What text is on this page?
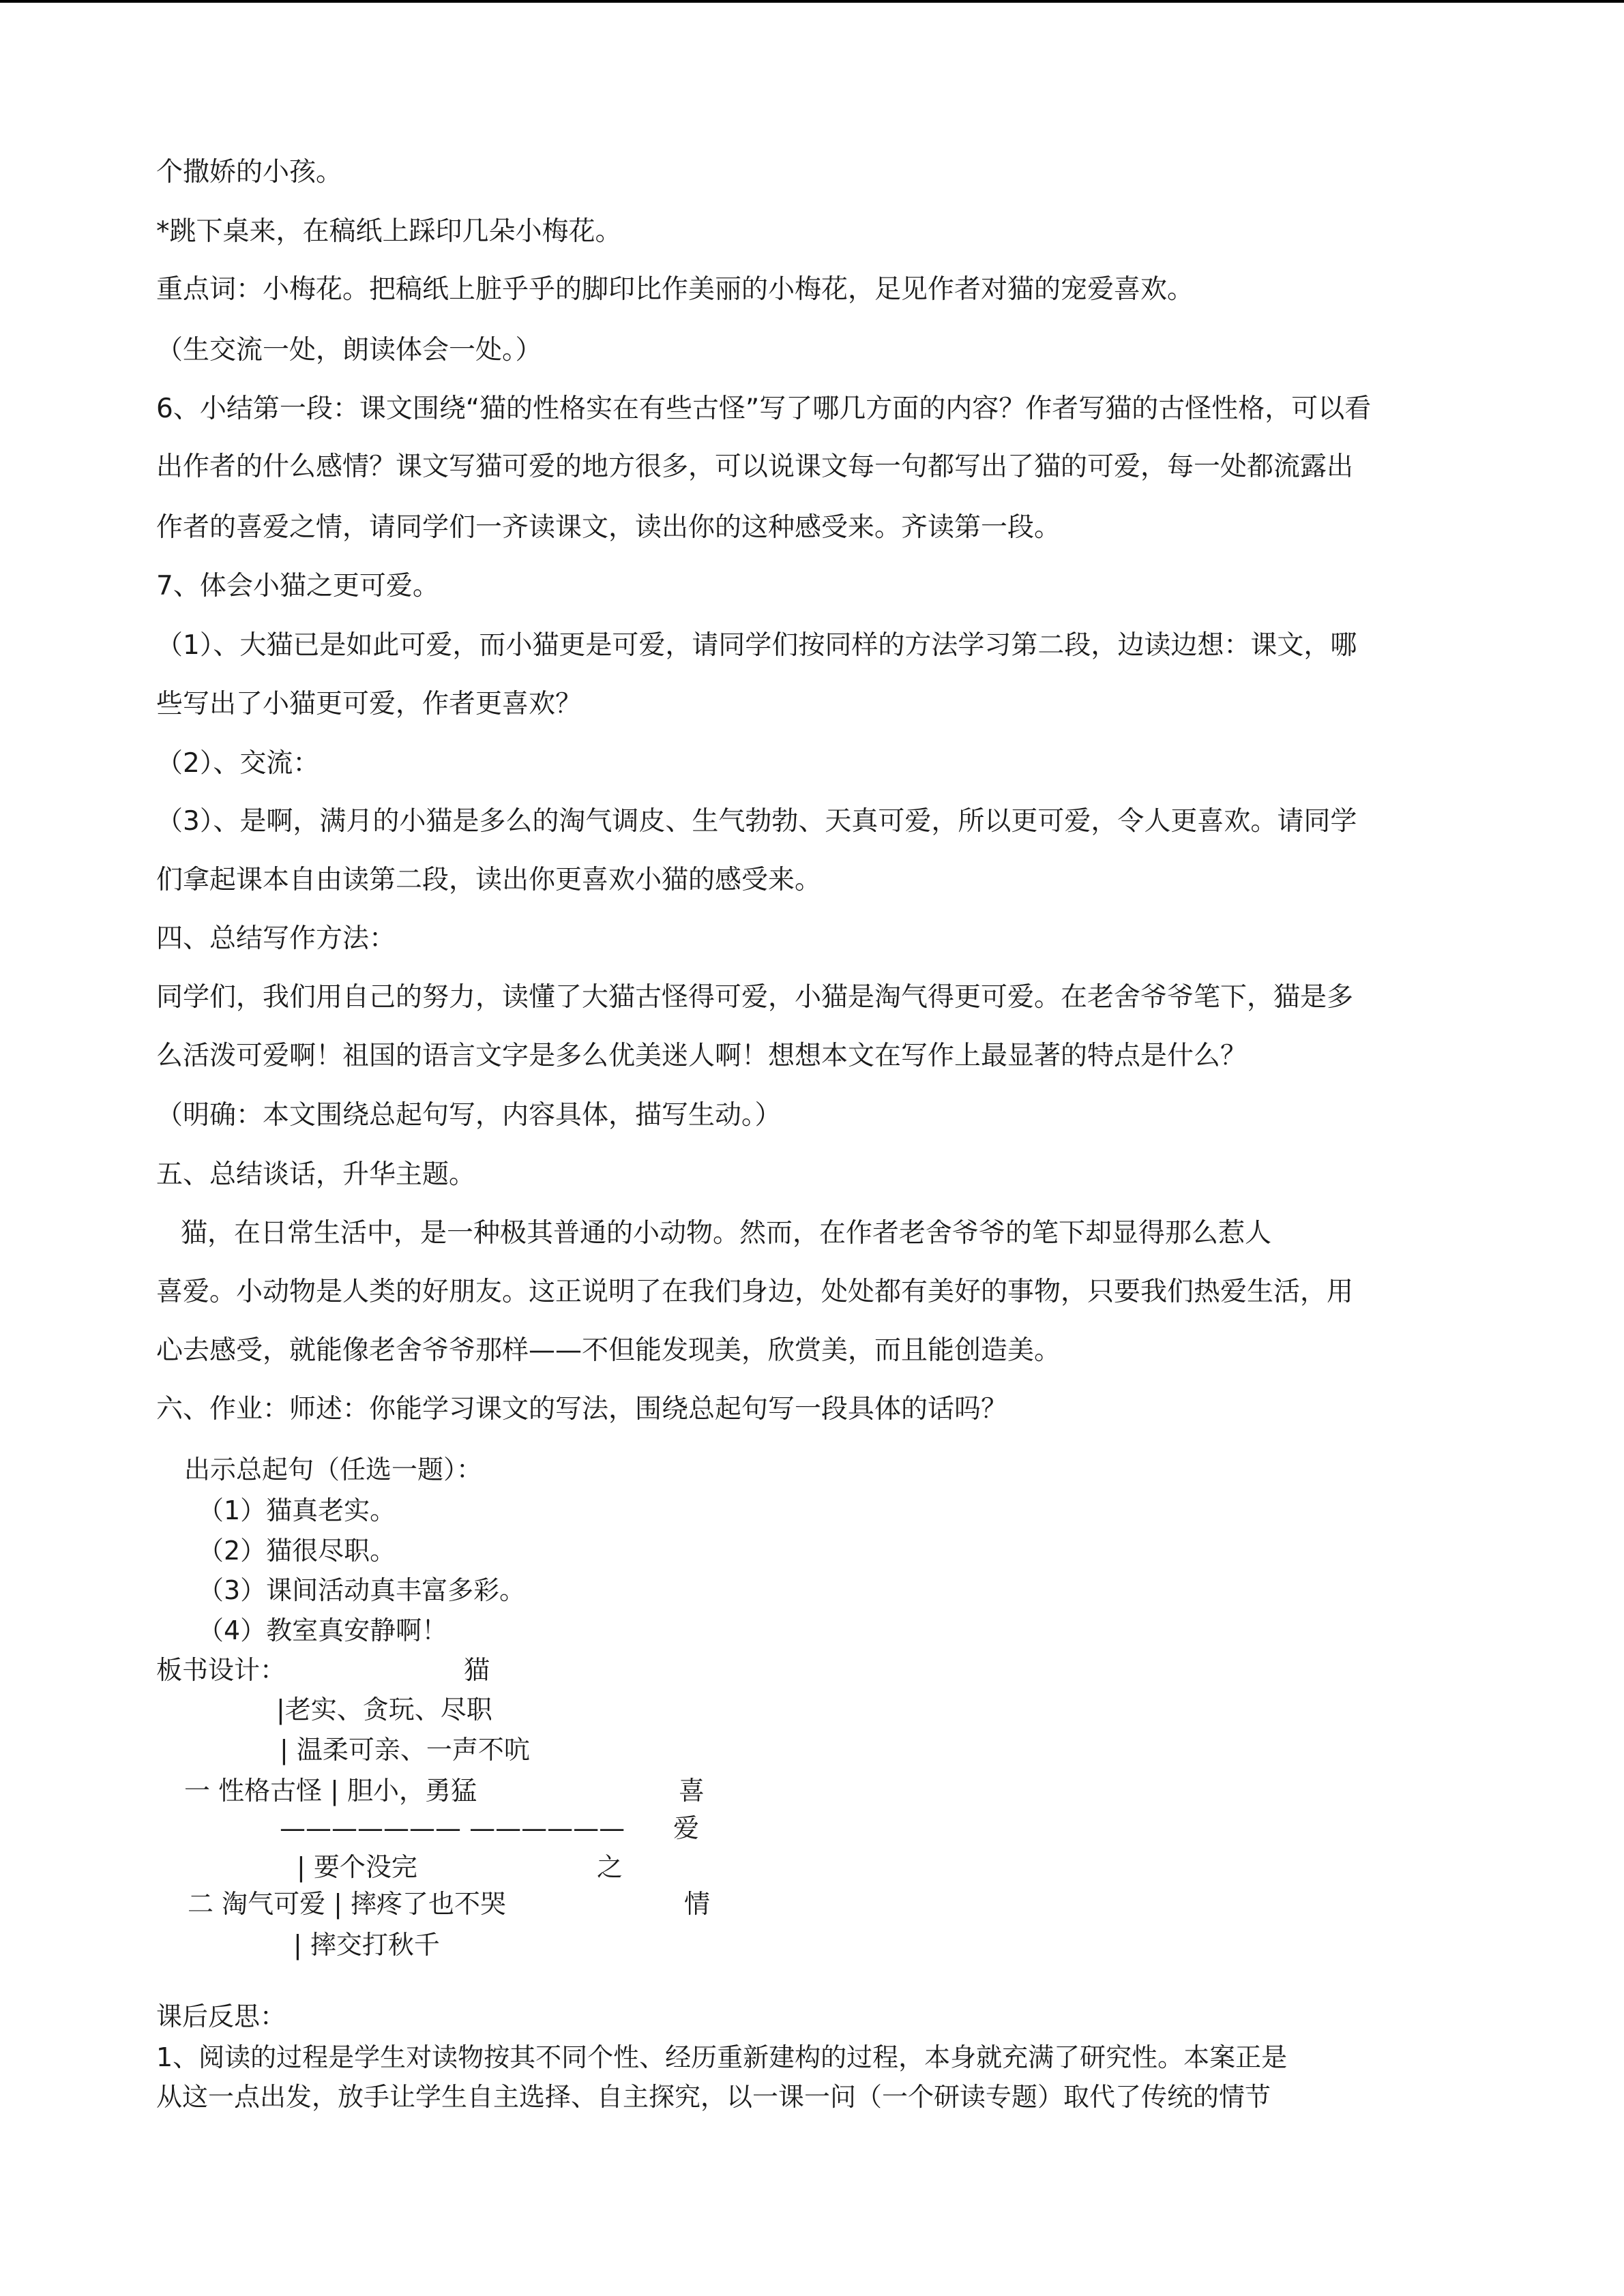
个撒娇的小孩。
*跳下桌来，在稿纸上踩印几朵小梅花。
重点词：小梅花。把稿纸上脏乎乎的脚印比作美丽的小梅花，足见作者对猫的宠爱喜欢。
（生交流一处，朗读体会一处。）
6、小结第一段：课文围绕“猫的性格实在有些古怪”写了哪几方面的内容？作者写猫的古怪性格，可以看
出作者的什么感情？课文写猫可爱的地方很多，可以说课文每一句都写出了猫的可爱，每一处都流露出
作者的喜爱之情，请同学们一齐读课文，读出你的这种感受来。齐读第一段。
7、体会小猫之更可爱。
（1）、大猫已是如此可爱，而小猫更是可爱，请同学们按同样的方法学习第二段，边读边想：课文，哪
些写出了小猫更可爱，作者更喜欢？
（2）、交流：
（3）、是啊，满月的小猫是多么的淘气调皮、生气勃勃、天真可爱，所以更可爱，令人更喜欢。请同学
们拿起课本自由读第二段，读出你更喜欢小猫的感受来。
四、总结写作方法：
同学们，我们用自己的努力，读懂了大猫古怪得可爱，小猫是淘气得更可爱。在老舍爷爷笔下，猫是多
么活泼可爱啊！祖国的语言文字是多么优美迷人啊！想想本文在写作上最显著的特点是什么？
（明确：本文围绕总起句写，内容具体，描写生动。）
五、总结谈话，升华主题。
猫，在日常生活中，是一种极其普通的小动物。然而，在作者老舍爷爷的笔下却显得那么惹人
喜爱。小动物是人类的好朋友。这正说明了在我们身边，处处都有美好的事物，只要我们热爱生活，用
心去感受，就能像老舍爷爷那样——不但能发现美，欣赏美，而且能创造美。
六、作业：师述：你能学习课文的写法，围绕总起句写一段具体的话吗？
出示总起句（任选一题）：
（1）猫真老实。
（2）猫很尽职。
（3）课间活动真丰富多彩。
（4）教室真安静啊！
板书设计：	猫
|老实、贪玩、尽职
| 温柔可亲、一声不吭
一 性格古怪 | 胆小，勇猛
——————— ——————
| 要个没完
二 淘气可爱 | 摔疼了也不哭
| 摔交打秋千
喜
爱
之
情
课后反思：
1、阅读的过程是学生对读物按其不同个性、经历重新建构的过程，本身就充满了研究性。本案正是
从这一点出发，放手让学生自主选择、自主探究，以一课一问（一个研读专题）取代了传统的情节
